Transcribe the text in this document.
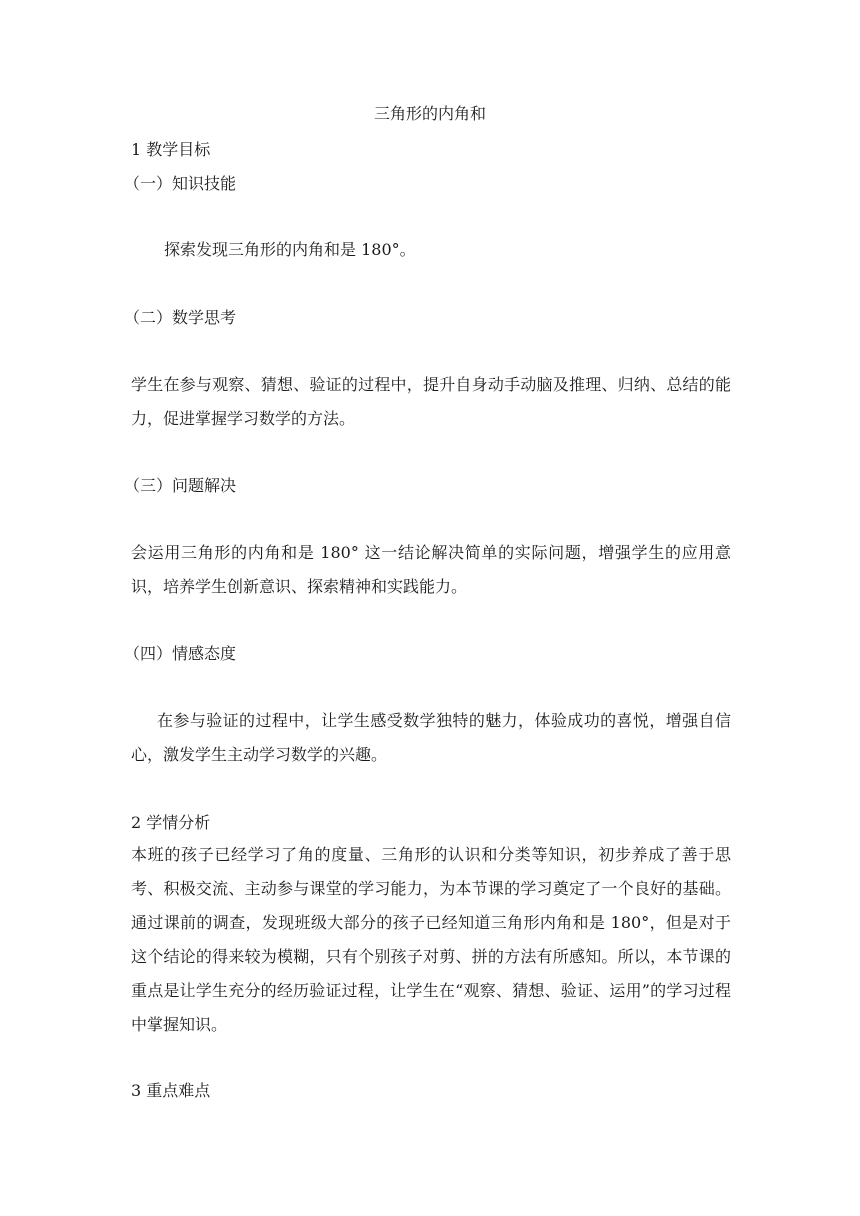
三角形的内角和
1 教学目标
（一）知识技能
探索发现三角形的内角和是 180°。
（二）数学思考
学生在参与观察、猜想、验证的过程中，提升自身动手动脑及推理、归纳、总结的能力，促进掌握学习数学的方法。
（三）问题解决
会运用三角形的内角和是 180° 这一结论解决简单的实际问题，增强学生的应用意识，培养学生创新意识、探索精神和实践能力。
（四）情感态度
在参与验证的过程中，让学生感受数学独特的魅力，体验成功的喜悦，增强自信心，激发学生主动学习数学的兴趣。
2 学情分析
本班的孩子已经学习了角的度量、三角形的认识和分类等知识，初步养成了善于思考、积极交流、主动参与课堂的学习能力，为本节课的学习奠定了一个良好的基础。通过课前的调查，发现班级大部分的孩子已经知道三角形内角和是 180°，但是对于这个结论的得来较为模糊，只有个别孩子对剪、拼的方法有所感知。所以，本节课的重点是让学生充分的经历验证过程，让学生在“观察、猜想、验证、运用”的学习过程中掌握知识。
3 重点难点
